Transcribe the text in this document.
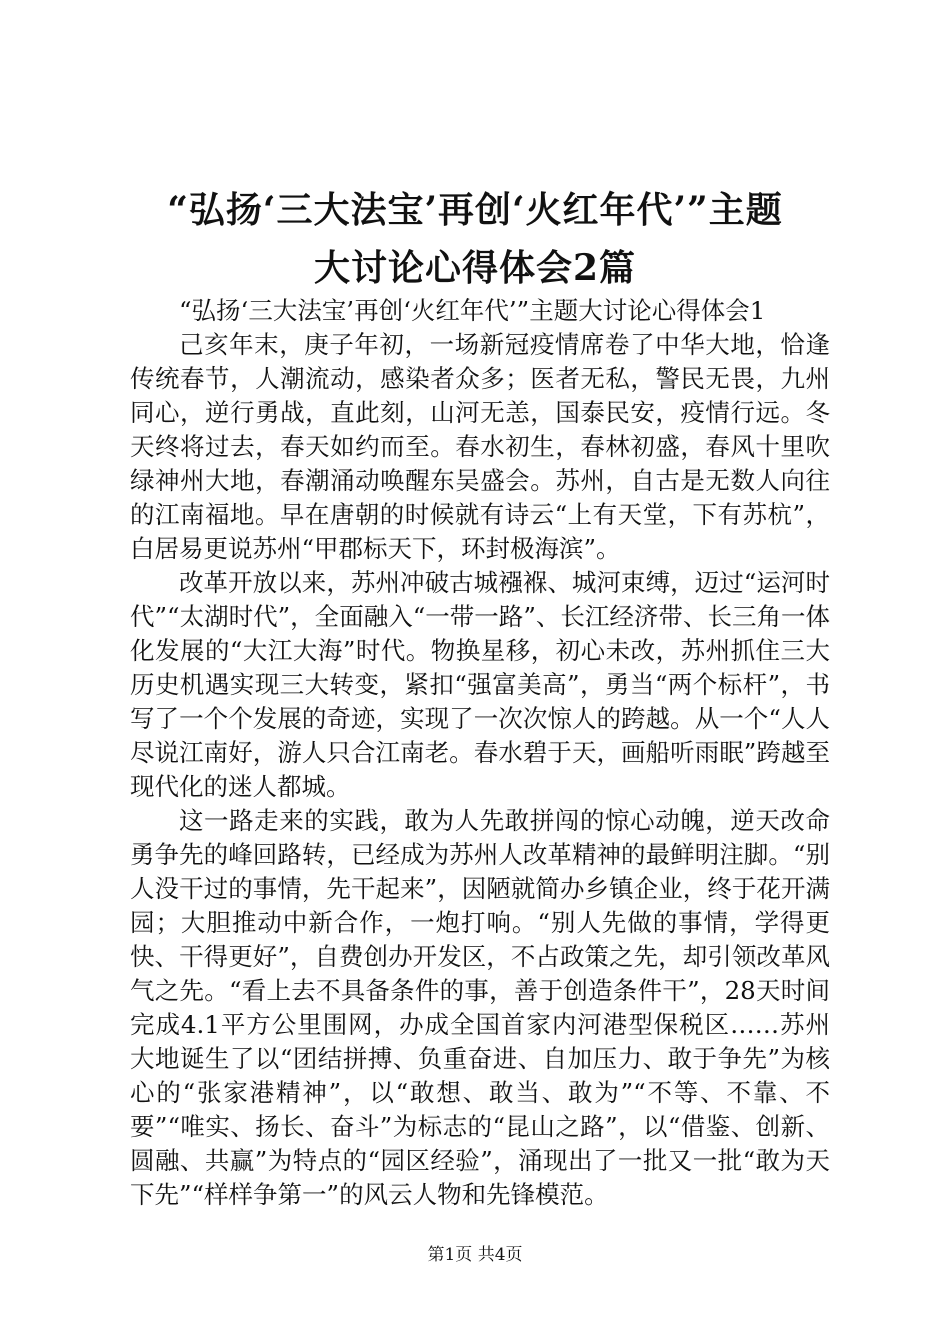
“弘扬‘三大法宝’再创‘火红年代’”主题
大讨论心得体会2篇

“弘扬‘三大法宝’再创‘火红年代’”主题大讨论心得体会1

己亥年末，庚子年初，一场新冠疫情席卷了中华大地，恰逢传统春节，人潮流动，感染者众多；医者无私，警民无畏，九州同心，逆行勇战，直此刻，山河无恙，国泰民安，疫情行远。冬天终将过去，春天如约而至。春水初生，春林初盛，春风十里吹绿神州大地，春潮涌动唤醒东吴盛会。苏州，自古是无数人向往的江南福地。早在唐朝的时候就有诗云“上有天堂，下有苏杭”，白居易更说苏州“甲郡标天下，环封极海滨”。

改革开放以来，苏州冲破古城襁褓、城河束缚，迈过“运河时代”“太湖时代”，全面融入“一带一路”、长江经济带、长三角一体化发展的“大江大海”时代。物换星移，初心未改，苏州抓住三大历史机遇实现三大转变，紧扣“强富美高”，勇当“两个标杆”，书写了一个个发展的奇迹，实现了一次次惊人的跨越。从一个“人人尽说江南好，游人只合江南老。春水碧于天，画船听雨眠”跨越至现代化的迷人都城。

这一路走来的实践，敢为人先敢拼闯的惊心动魄，逆天改命勇争先的峰回路转，已经成为苏州人改革精神的最鲜明注脚。“别人没干过的事情，先干起来”，因陋就简办乡镇企业，终于花开满园；大胆推动中新合作，一炮打响。“别人先做的事情，学得更快、干得更好”，自费创办开发区，不占政策之先，却引领改革风气之先。“看上去不具备条件的事，善于创造条件干”，28天时间完成4.1平方公里围网，办成全国首家内河港型保税区……苏州大地诞生了以“团结拼搏、负重奋进、自加压力、敢于争先”为核心的“张家港精神”，以“敢想、敢当、敢为”“不等、不靠、不要”“唯实、扬长、奋斗”为标志的“昆山之路”，以“借鉴、创新、圆融、共赢”为特点的“园区经验”，涌现出了一批又一批“敢为天下先”“样样争第一”的风云人物和先锋模范。

第1页 共4页
